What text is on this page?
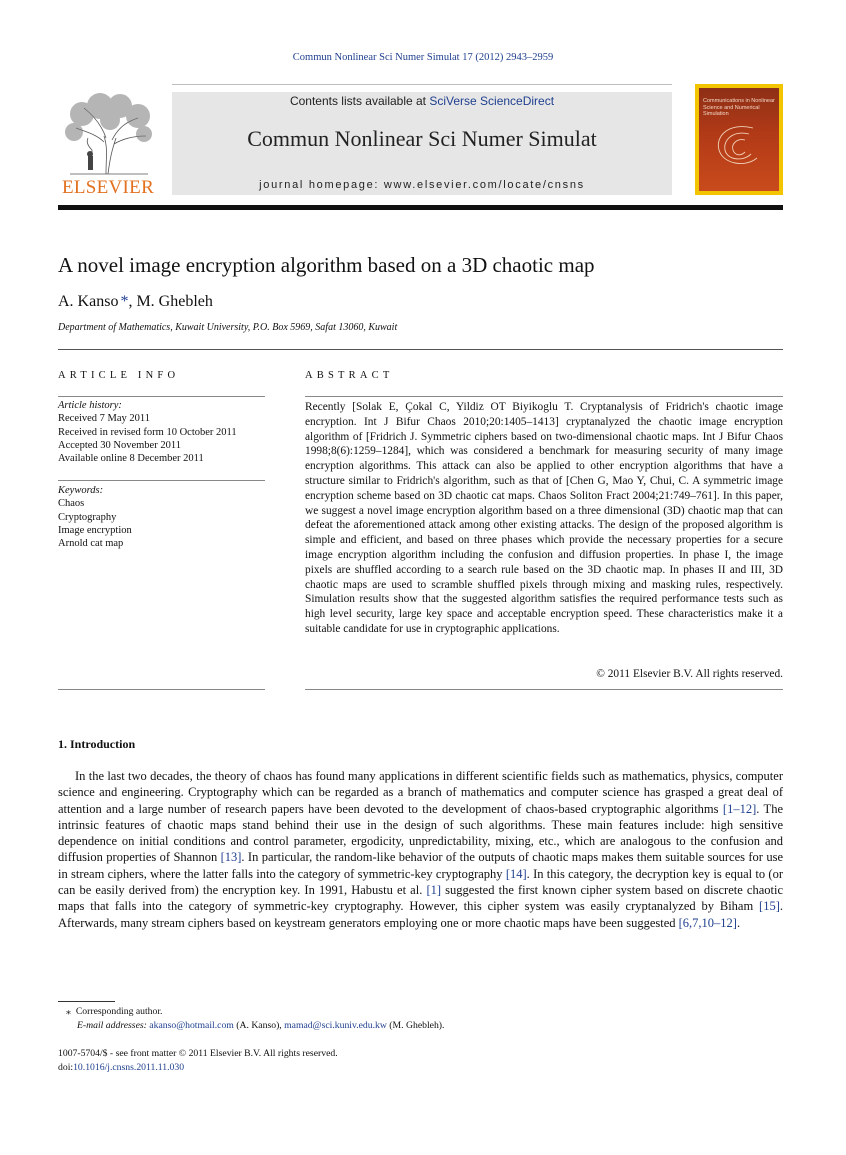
Commun Nonlinear Sci Numer Simulat 17 (2012) 2943–2959
ELSEVIER
Contents lists available at SciVerse ScienceDirect
Commun Nonlinear Sci Numer Simulat
journal homepage: www.elsevier.com/locate/cnsns
Communications in Nonlinear Science and Numerical Simulation
A novel image encryption algorithm based on a 3D chaotic map
A. Kanso *, M. Ghebleh
Department of Mathematics, Kuwait University, P.O. Box 5969, Safat 13060, Kuwait
ARTICLE INFO
Article history:
Received 7 May 2011
Received in revised form 10 October 2011
Accepted 30 November 2011
Available online 8 December 2011
Keywords:
Chaos
Cryptography
Image encryption
Arnold cat map
ABSTRACT
Recently [Solak E, Çokal C, Yildiz OT Biyikoglu T. Cryptanalysis of Fridrich's chaotic image encryption. Int J Bifur Chaos 2010;20:1405–1413] cryptanalyzed the chaotic image encryption algorithm of [Fridrich J. Symmetric ciphers based on two-dimensional chaotic maps. Int J Bifur Chaos 1998;8(6):1259–1284], which was considered a benchmark for measuring security of many image encryption algorithms. This attack can also be applied to other encryption algorithms that have a structure similar to Fridrich's algorithm, such as that of [Chen G, Mao Y, Chui, C. A symmetric image encryption scheme based on 3D chaotic cat maps. Chaos Soliton Fract 2004;21:749–761]. In this paper, we suggest a novel image encryption algorithm based on a three dimensional (3D) chaotic map that can defeat the aforementioned attack among other existing attacks. The design of the proposed algorithm is simple and efficient, and based on three phases which provide the necessary properties for a secure image encryption algorithm including the confusion and diffusion properties. In phase I, the image pixels are shuffled according to a search rule based on the 3D chaotic map. In phases II and III, 3D chaotic maps are used to scramble shuffled pixels through mixing and masking rules, respectively. Simulation results show that the suggested algorithm satisfies the required performance tests such as high level security, large key space and acceptable encryption speed. These characteristics make it a suitable candidate for use in cryptographic applications.
© 2011 Elsevier B.V. All rights reserved.
1. Introduction
In the last two decades, the theory of chaos has found many applications in different scientific fields such as mathematics, physics, computer science and engineering. Cryptography which can be regarded as a branch of mathematics and computer science has grasped a great deal of attention and a large number of research papers have been devoted to the development of chaos-based cryptographic algorithms [1–12]. The intrinsic features of chaotic maps stand behind their use in the design of such algorithms. These main features include: high sensitive dependence on initial conditions and control parameter, ergodicity, unpredictability, mixing, etc., which are analogous to the confusion and diffusion properties of Shannon [13]. In particular, the random-like behavior of the outputs of chaotic maps makes them suitable sources for use in stream ciphers, where the latter falls into the category of symmetric-key cryptography [14]. In this category, the decryption key is equal to (or can be easily derived from) the encryption key. In 1991, Habustu et al. [1] suggested the first known cipher system based on discrete chaotic maps that falls into the category of symmetric-key cryptography. However, this cipher system was easily cryptanalyzed by Biham [15]. Afterwards, many stream ciphers based on keystream generators employing one or more chaotic maps have been suggested [6,7,10–12].
⁎ Corresponding author.
E-mail addresses: akanso@hotmail.com (A. Kanso), mamad@sci.kuniv.edu.kw (M. Ghebleh).
1007-5704/$ - see front matter © 2011 Elsevier B.V. All rights reserved.
doi:10.1016/j.cnsns.2011.11.030
